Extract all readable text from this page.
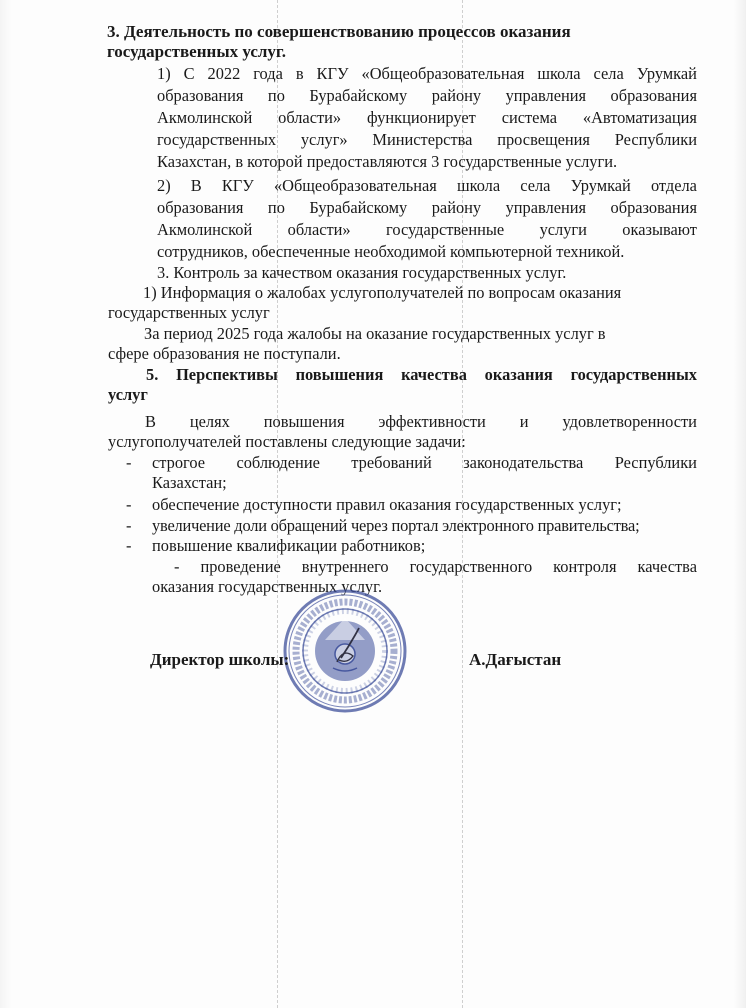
3. Деятельность по совершенствованию процессов оказания
государственных услуг.
1) С 2022 года в КГУ «Общеобразовательная школа села Урумкай
образования по Бурабайскому району управления образования
Акмолинской области» функционирует система «Автоматизация
государственных услуг» Министерства просвещения Республики
Казахстан, в которой предоставляются 3 государственные услуги.
2) В КГУ «Общеобразовательная школа села Урумкай отдела
образования по Бурабайскому району управления образования
Акмолинской области» государственные услуги оказывают
сотрудников, обеспеченные необходимой компьютерной техникой.
3. Контроль за качеством оказания государственных услуг.
1) Информация о жалобах услугополучателей по вопросам оказания
государственных услуг
За период 2025 года жалобы на оказание государственных услуг в
сфере образования не поступали.
5. Перспективы повышения качества оказания государственных
услуг
В целях повышения эффективности и удовлетворенности
услугополучателей поставлены следующие задачи:
- строгое соблюдение требований законодательства Республики
Казахстан;
- обеспечение доступности правил оказания государственных услуг;
- увеличение доли обращений через портал электронного правительства;
- повышение квалификации работников;
- проведение внутреннего государственного контроля качества
оказания государственных услуг.
Директор школы:	А.Дағыстан
